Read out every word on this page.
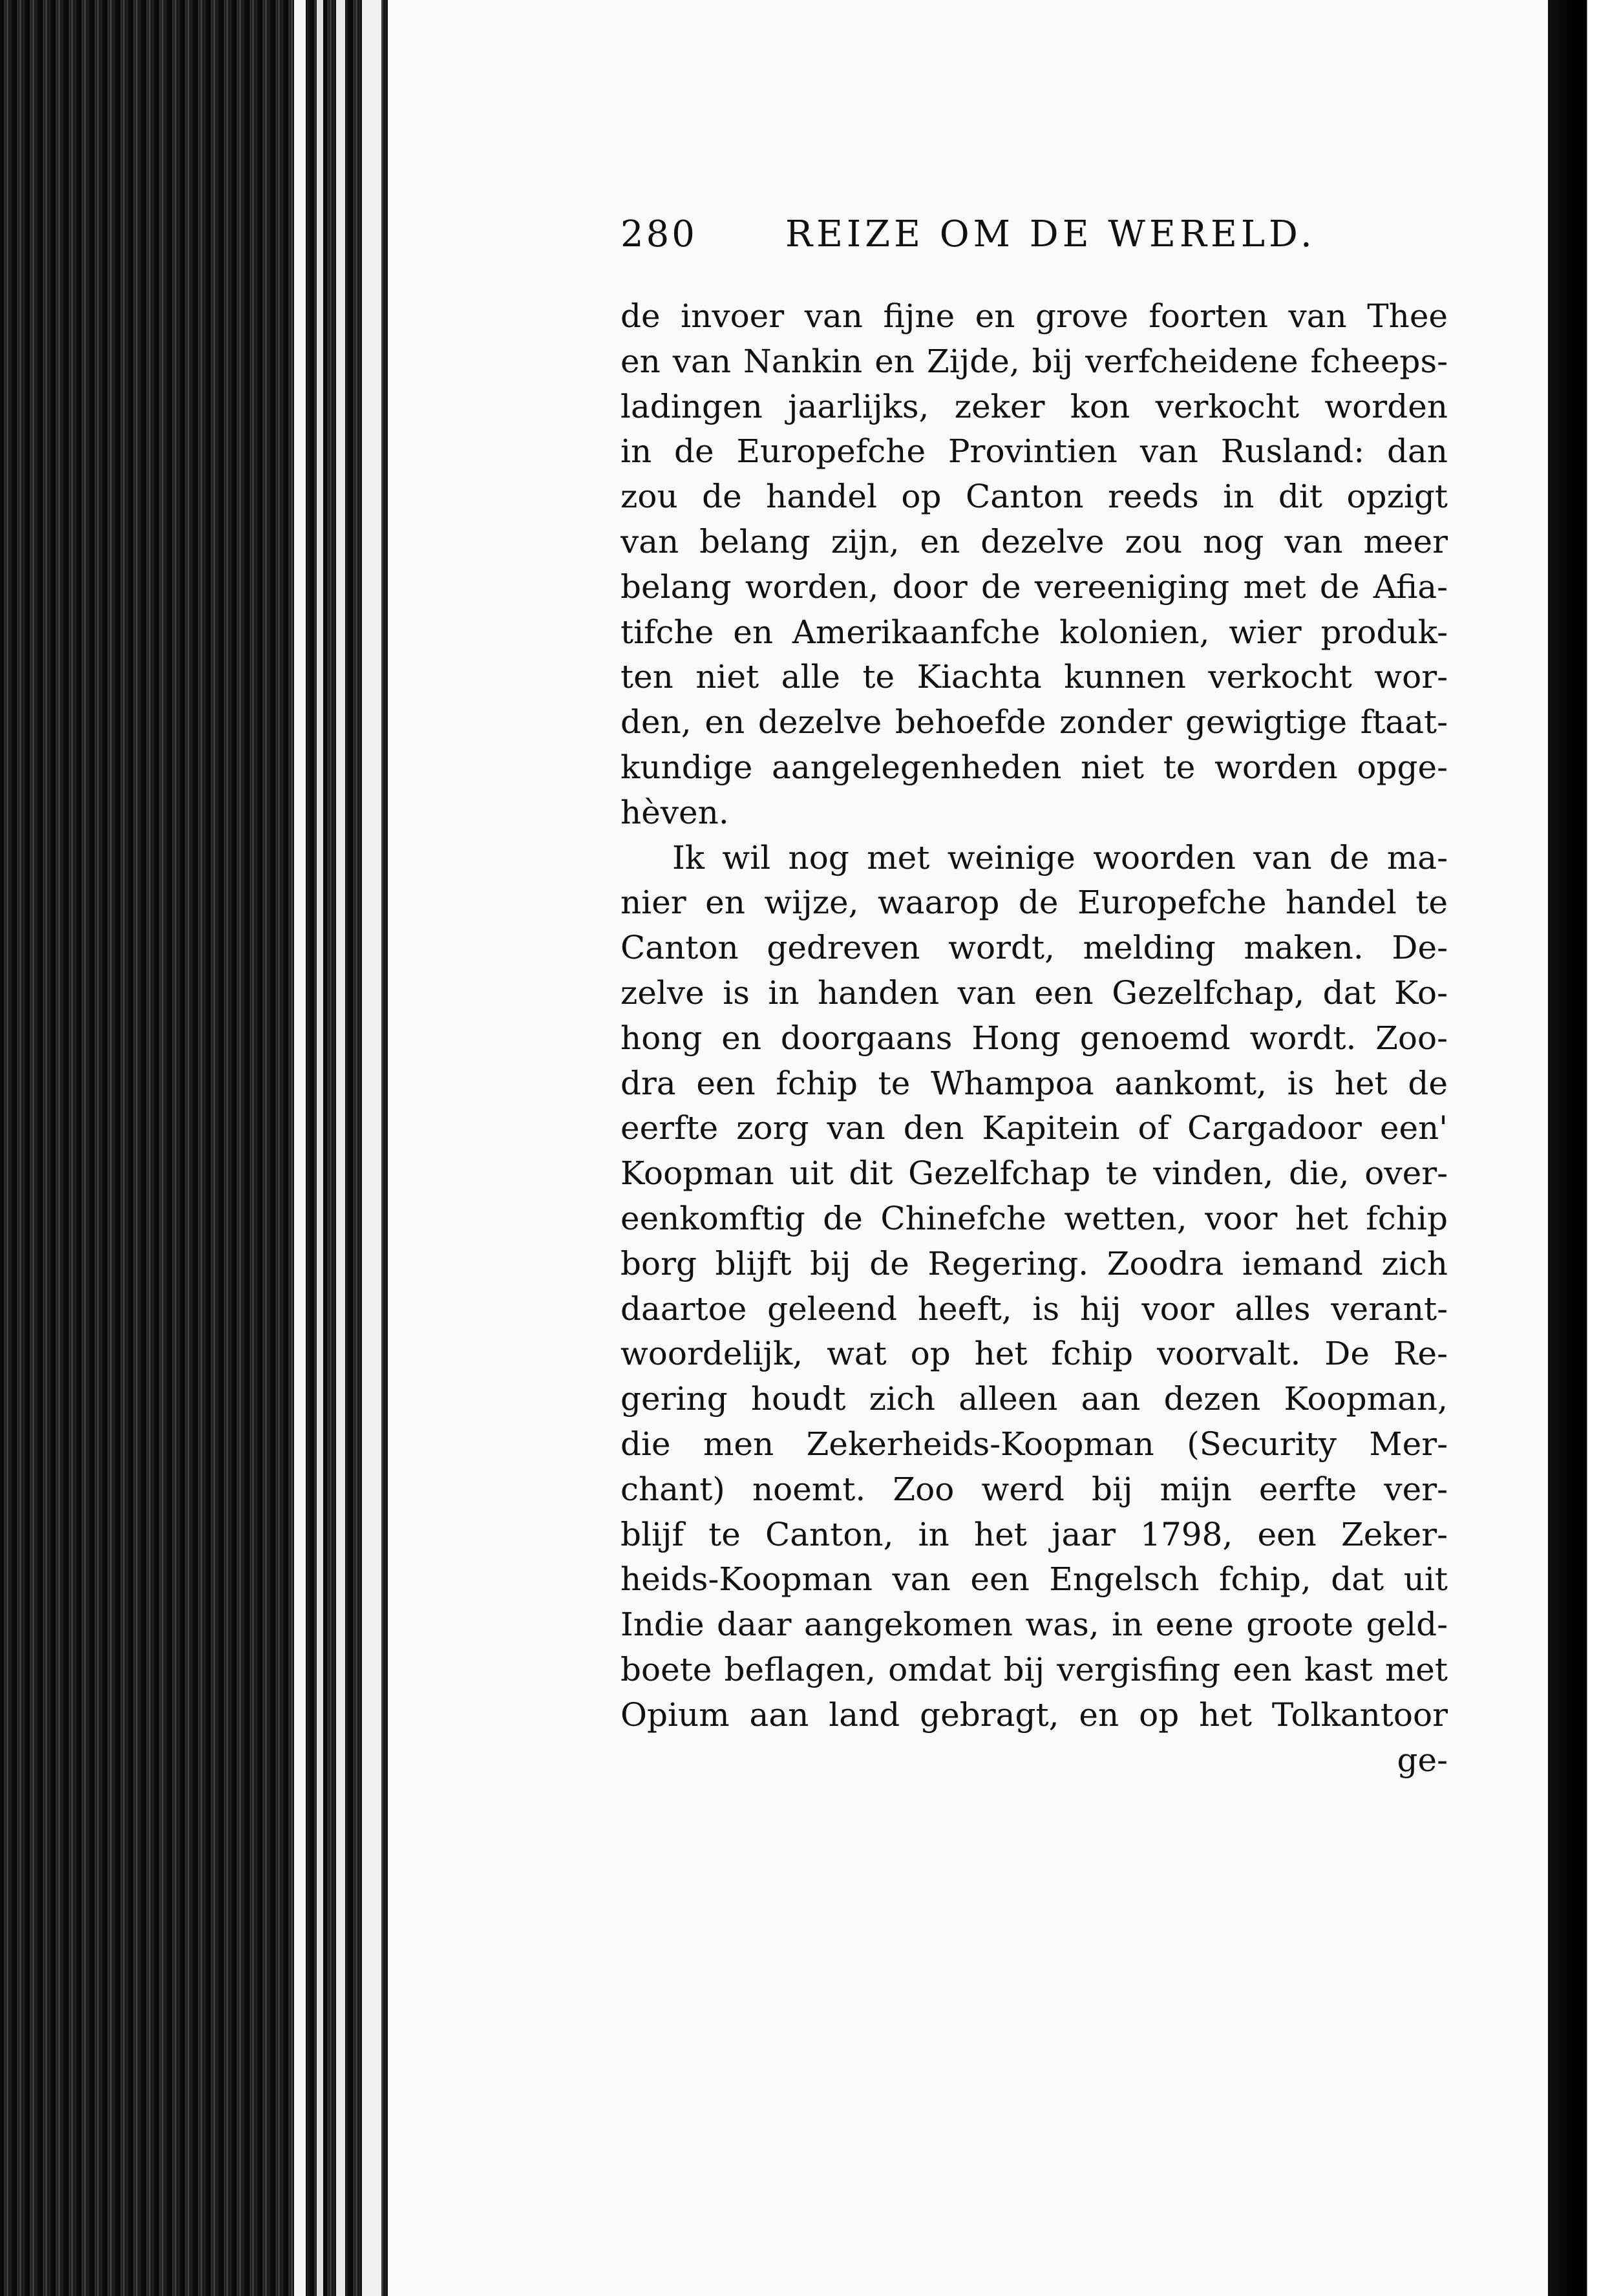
280 REIZE OM DE WERELD.
de invoer van fijne en grove foorten van Thee
en van Nankin en Zijde, bij verfcheidene fcheeps-
ladingen jaarlijks, zeker kon verkocht worden
in de Europefche Provintien van Rusland: dan
zou de handel op Canton reeds in dit opzigt
van belang zijn, en dezelve zou nog van meer
belang worden, door de vereeniging met de Afia-
tifche en Amerikaanfche kolonien, wier produk-
ten niet alle te Kiachta kunnen verkocht wor-
den, en dezelve behoefde zonder gewigtige ftaat-
kundige aangelegenheden niet te worden opge-
hèven.
Ik wil nog met weinige woorden van de ma-
nier en wijze, waarop de Europefche handel te
Canton gedreven wordt, melding maken. De-
zelve is in handen van een Gezelfchap, dat Ko-
hong en doorgaans Hong genoemd wordt. Zoo-
dra een fchip te Whampoa aankomt, is het de
eerfte zorg van den Kapitein of Cargadoor een'
Koopman uit dit Gezelfchap te vinden, die, over-
eenkomftig de Chinefche wetten, voor het fchip
borg blijft bij de Regering. Zoodra iemand zich
daartoe geleend heeft, is hij voor alles verant-
woordelijk, wat op het fchip voorvalt. De Re-
gering houdt zich alleen aan dezen Koopman,
die men Zekerheids-Koopman (Security Mer-
chant) noemt. Zoo werd bij mijn eerfte ver-
blijf te Canton, in het jaar 1798, een Zeker-
heids-Koopman van een Engelsch fchip, dat uit
Indie daar aangekomen was, in eene groote geld-
boete beflagen, omdat bij vergisfing een kast met
Opium aan land gebragt, en op het Tolkantoor
ge-
